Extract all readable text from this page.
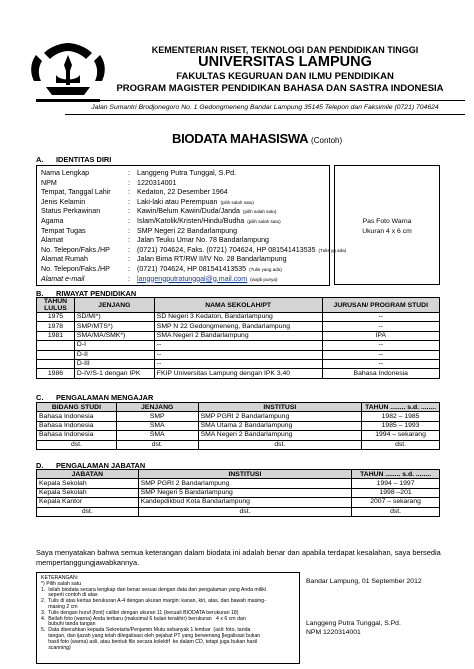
KEMENTERIAN RISET, TEKNOLOGI DAN PENDIDIKAN TINGGI
UNIVERSITAS LAMPUNG
FAKULTAS KEGURUAN DAN ILMU PENDIDIKAN
PROGRAM MAGISTER PENDIDIKAN BAHASA DAN SASTRA INDONESIA
Jalan Sumantri Brodjonegoro No. 1 Gedongmeneng Bandar Lampung 35145 Telepon dan Faksimile (0721) 704624
BIODATA MAHASISWA (Contoh)
A. IDENTITAS DIRI
Nama Lengkap	: Langgeng Putra Tunggal, S.Pd.
NPM	: 1220314001
Tempat, Tanggal Lahir	: Kedaton, 22 Desember 1964
Jenis Kelamin	: Laki-laki atau Perempuan (pilih salah satu)
Status Perkawinan	: Kawin/Belum Kawin/Duda/Janda (pilih salah satu)
Agama	: Islam/Katolik/Kristen/Hindu/Budha (pilih salah satu)
Tempat Tugas	: SMP Negeri 22 Bandarlampung
Alamat	: Jalan Teuku Umar No. 78 Bandarlampung
No. Telepon/Faks./HP	: (0721) 704624, Faks. (0721) 704624, HP 081541413535 (Tulis yg ada)
Alamat Rumah	: Jalan Bima RT/RW II/IV No. 28 Bandarlampung
No. Telepon/Faks./HP	: (0721) 704624, HP 081541413535 (Tulis yang ada)
Alamat e-mail	: langgengputratunggal@g.mail.com (wajib punya)
Pas Foto Warna
Ukuran 4 x 6 cm
B. RIWAYAT PENDIDIKAN
TAHUN LULUS	JENJANG	NAMA SEKOLAH/PT	JURUSAN/ PROGRAM STUDI
1975	SD/MI*)	SD Negeri 3 Kedaton, Bandarlampung	--
1978	SMP/MTS*)	SMP N 22 Gedongmeneng, Bandarlampung	--
1981	SMA/MA/SMK*)	SMA Negeri 2 Bandarlampung	IPA
	D-I	--	--
	D-II	--	--
	D-III	--	--
1986	D-IV/S-1 dengan IPK	FKIP Universitas Lampung dengan IPK 3,40	Bahasa Indonesia
C. PENGALAMAN MENGAJAR
BIDANG STUDI	JENJANG	INSTITUSI	TAHUN ........ s.d. ........
Bahasa Indonesia	SMP	SMP PGRI 2 Bandarlampung	1982 – 1985
Bahasa Indonesia	SMA	SMA Utama 2 Bandarlampung	1985 – 1993
Bahasa Indonesia	SMA	SMA Negeri 2 Bandarlampung	1994 – sekarang
dst.	dst.	dst.	dst.
D. PENGALAMAN JABATAN
JABATAN	INSTITUSI	TAHUN ........ s.d. ........
Kepala Sekolah	SMP PGRI 2 Bandarlampung	1994 – 1997
Kepala Sekolah	SMP Negeri 5 Bandarlampung	1998 –201
Kepala Kantor	Kandepdikbud Kota Bandarlampung	2007 – sekarang
dst.	dst.	dst.
Saya menyatakan bahwa semua keterangan dalam biodata ini adalah benar dan apabila terdapat kesalahan, saya bersedia mempertanggungjawabkannya.
KETERANGAN:
*) Pilih salah satu
1.  Isilah biodata secara lengkap dan benar sesuai dengan data dan pengalaman yang Anda miliki
seperti contoh di atas
2.  Tulis di atas kertas berukuran A-4 dengan ukuran margin: kanan, kiri, atas, dan bawah masing-
masing 2 cm
3.  Tulis dengan huruf (font) calibri dengan ukuran 11 (kecuali BIODATA berukuran 18)
4.  Beilah foto (warna) Anda terbaru (maksimal 6 bulan terakhir) berukuran   4 x 6 cm dan
bubuhi tanda tangan
5.  Data diserahkan kepada Sekretaris/Penjamin Mutu sebanyak 1 lembar  (asli: foto, tanda
tangan, dan ijazah yang telah dilegalisasi oleh pejabat PT yang berwenang [legalisasi bukan
hasil foto (warna) asli, atau bentuk file secara kolektif  ke dalam CD, tetapi juga bukan hasil
scanning)
Bandar Lampung, 01 September 2012
Langgeng Putra Tunggal, S.Pd.
NPM 1220314001
